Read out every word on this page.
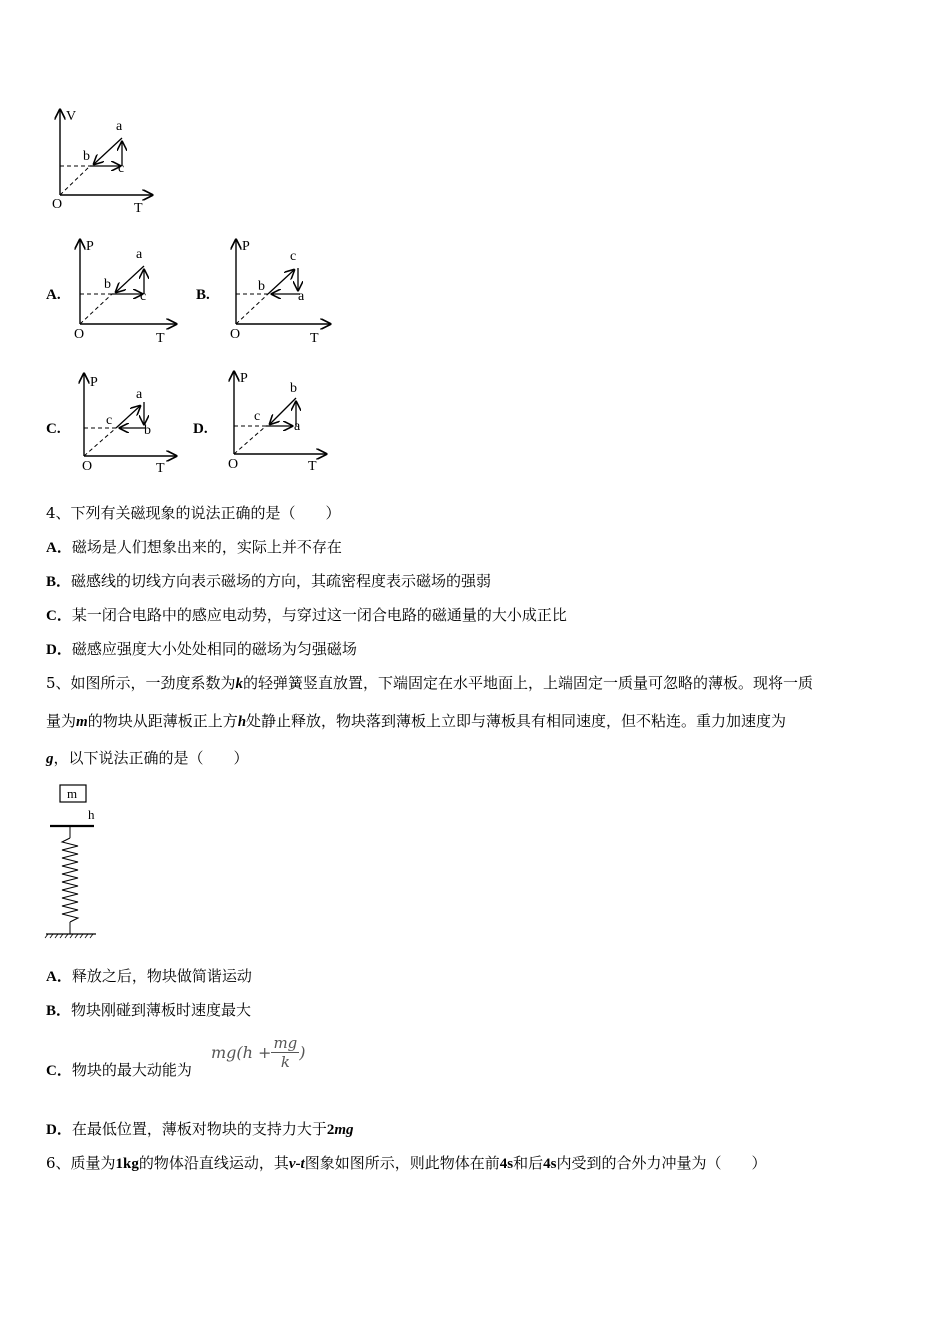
V
T
O
a
b
c
A.
P
T
O
a
b
c	B.
P
T
O
c
b
a
C.
P
T
O
a
c
b	D.
P
T
O
b
c
a
4、下列有关磁现象的说法正确的是（　　）
A．磁场是人们想象出来的，实际上并不存在
B．磁感线的切线方向表示磁场的方向，其疏密程度表示磁场的强弱
C．某一闭合电路中的感应电动势，与穿过这一闭合电路的磁通量的大小成正比
D．磁感应强度大小处处相同的磁场为匀强磁场
5、如图所示，一劲度系数为k的轻弹簧竖直放置，下端固定在水平地面上，上端固定一质量可忽略的薄板。现将一质
量为m的物块从距薄板正上方h处静止释放，物块落到薄板上立即与薄板具有相同速度，但不粘连。重力加速度为
g，以下说法正确的是（　　）
m
h
A．释放之后，物块做简谐运动
B．物块刚碰到薄板时速度最大
C．物块的最大动能为
$mg(h + \frac{mg}{k}$ )
D．在最低位置，薄板对物块的支持力大于2mg
6、质量为1kg的物体沿直线运动，其v-t图象如图所示，则此物体在前4s和后4s内受到的合外力冲量为（　　）
